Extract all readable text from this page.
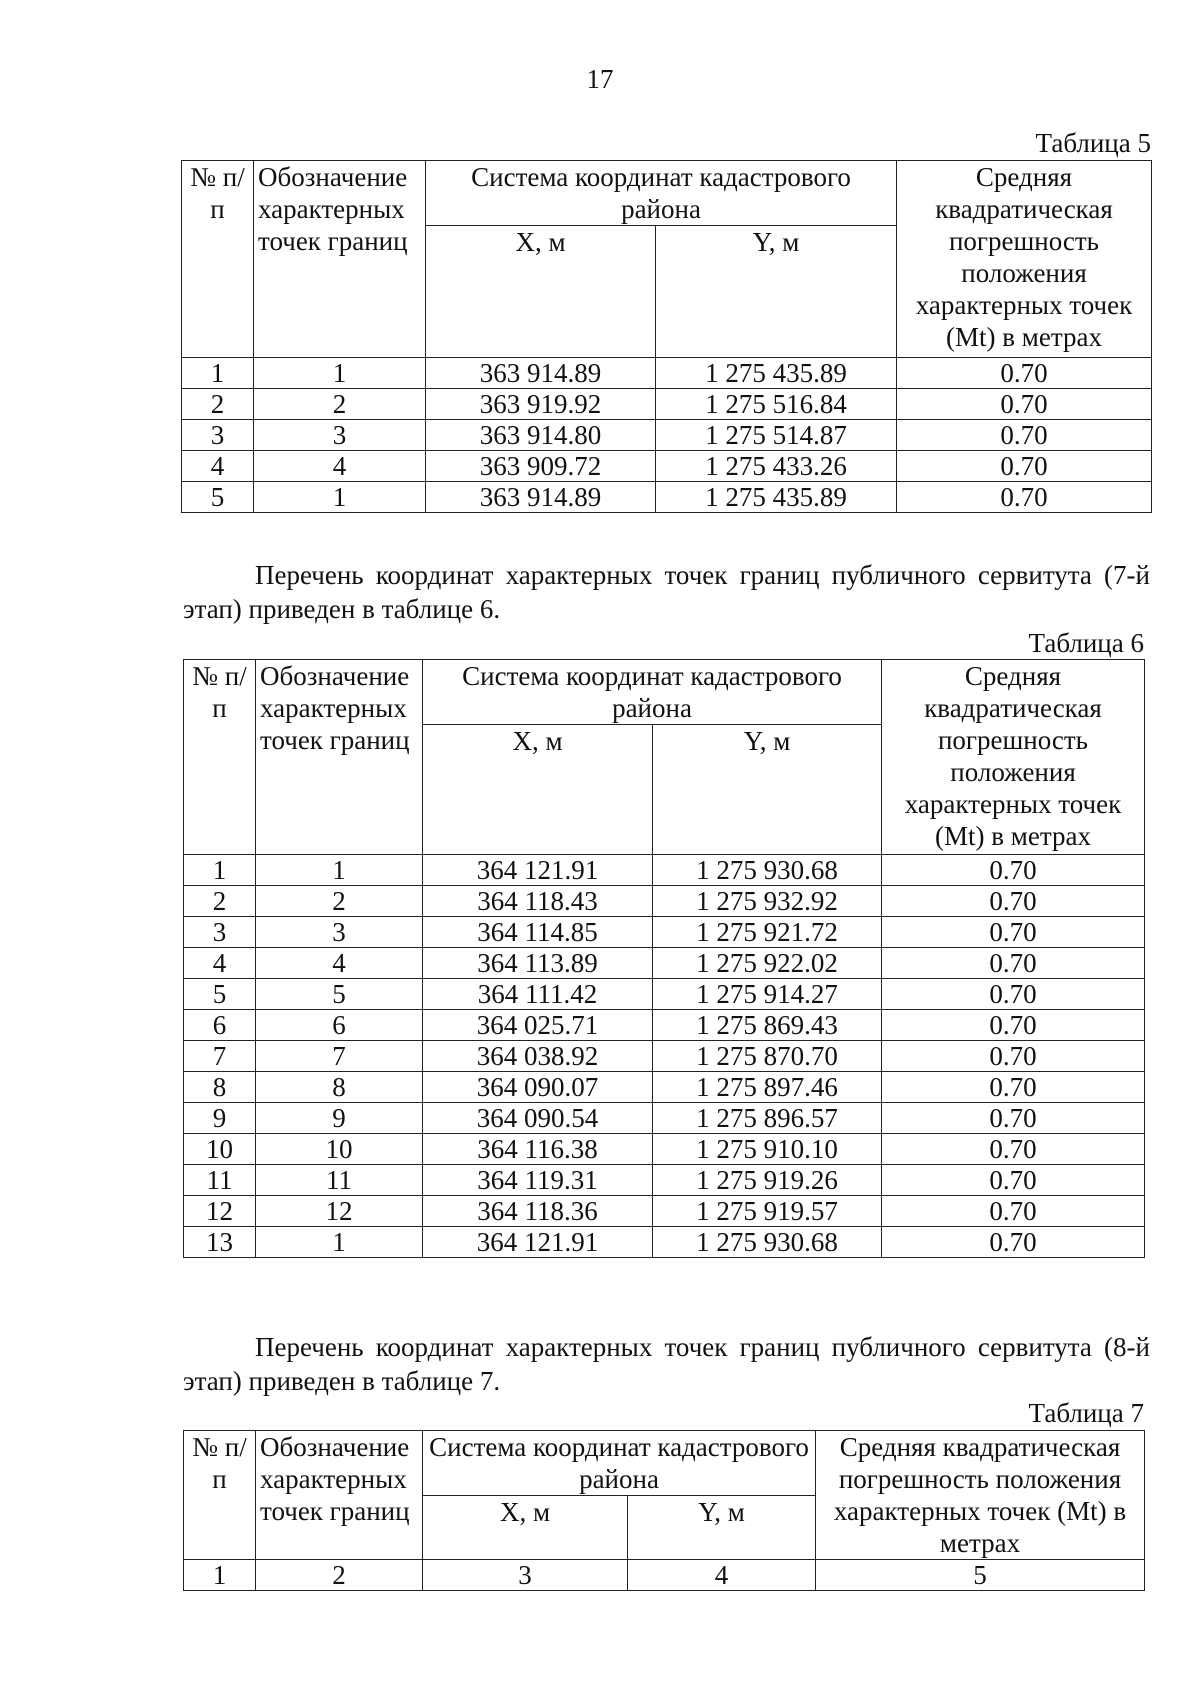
17
Таблица 5
№ п/п	Обозначение характерных точек границ	Система координат кадастрового района		Средняя квадратическая погрешность положения характерных точек (Mt) в метрах
		X, м	Y, м	
1	1	363 914.89	1 275 435.89	0.70
2	2	363 919.92	1 275 516.84	0.70
3	3	363 914.80	1 275 514.87	0.70
4	4	363 909.72	1 275 433.26	0.70
5	1	363 914.89	1 275 435.89	0.70
Перечень координат характерных точек границ публичного сервитута (7-й этап) приведен в таблице 6.
Таблица 6
№ п/п	Обозначение характерных точек границ	Система координат кадастрового района		Средняя квадратическая погрешность положения характерных точек (Mt) в метрах
		X, м	Y, м	
1	1	364 121.91	1 275 930.68	0.70
2	2	364 118.43	1 275 932.92	0.70
3	3	364 114.85	1 275 921.72	0.70
4	4	364 113.89	1 275 922.02	0.70
5	5	364 111.42	1 275 914.27	0.70
6	6	364 025.71	1 275 869.43	0.70
7	7	364 038.92	1 275 870.70	0.70
8	8	364 090.07	1 275 897.46	0.70
9	9	364 090.54	1 275 896.57	0.70
10	10	364 116.38	1 275 910.10	0.70
11	11	364 119.31	1 275 919.26	0.70
12	12	364 118.36	1 275 919.57	0.70
13	1	364 121.91	1 275 930.68	0.70
Перечень координат характерных точек границ публичного сервитута (8-й этап) приведен в таблице 7.
Таблица 7
№ п/п	Обозначение характерных точек границ	Система координат кадастрового района		Средняя квадратическая погрешность положения характерных точек (Mt) в метрах
		X, м	Y, м	
1	2	3	4	5
